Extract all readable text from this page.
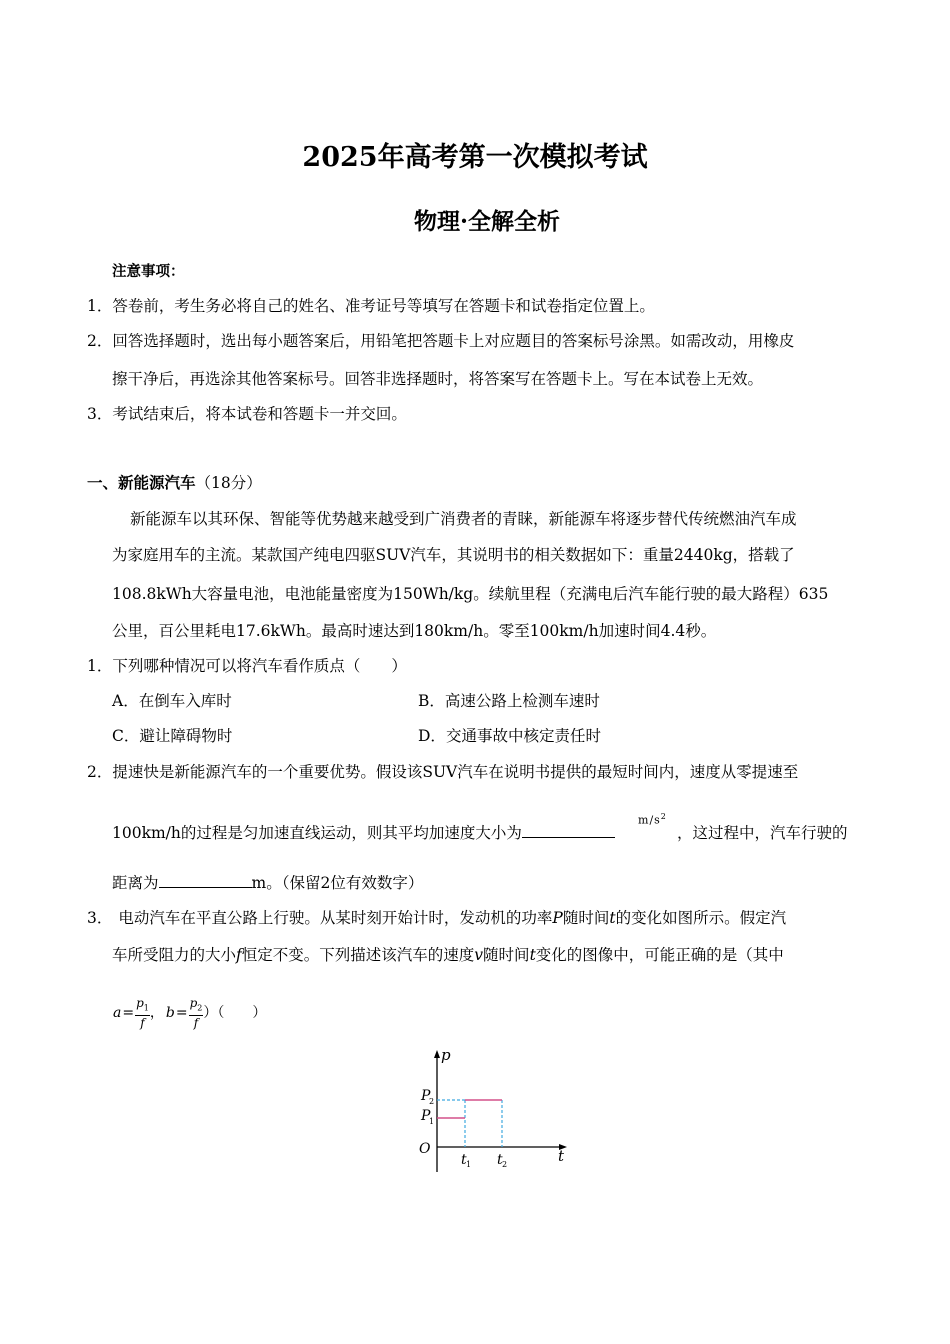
2025年高考第一次模拟考试
物理·全解全析
注意事项：
1．答卷前，考生务必将自己的姓名、准考证号等填写在答题卡和试卷指定位置上。
2．回答选择题时，选出每小题答案后，用铅笔把答题卡上对应题目的答案标号涂黑。如需改动，用橡皮
擦干净后，再选涂其他答案标号。回答非选择题时，将答案写在答题卡上。写在本试卷上无效。
3．考试结束后，将本试卷和答题卡一并交回。
一、新能源汽车（18分）
新能源车以其环保、智能等优势越来越受到广消费者的青睐，新能源车将逐步替代传统燃油汽车成
为家庭用车的主流。某款国产纯电四驱SUV汽车，其说明书的相关数据如下：重量2440kg，搭载了
108.8kWh大容量电池，电池能量密度为150Wh/kg。续航里程（充满电后汽车能行驶的最大路程）635
公里，百公里耗电17.6kWh。最高时速达到180km/h。零至100km/h加速时间4.4秒。
1．下列哪种情况可以将汽车看作质点（　　）
A．在倒车入库时	B．高速公路上检测车速时
C．避让障碍物时	D．交通事故中核定责任时
2．提速快是新能源汽车的一个重要优势。假设该SUV汽车在说明书提供的最短时间内，速度从零提速至
100km/h的过程是匀加速直线运动，则其平均加速度大小为
$m/s^2$
，这过程中，汽车行驶的
距离为	m。（保留2位有效数字）
3． 电动汽车在平直公路上行驶。从某时刻开始计时，发动机的功率P随时间t的变化如图所示。假定汽
车所受阻力的大小f恒定不变。下列描述该汽车的速度v随时间t变化的图像中，可能正确的是（其中
$a= \frac{p_1}{f}$ ， $b= \frac{p_2}{f}$ ）（　　）
p
t
O
P
2
P
1
t 1 t 2
